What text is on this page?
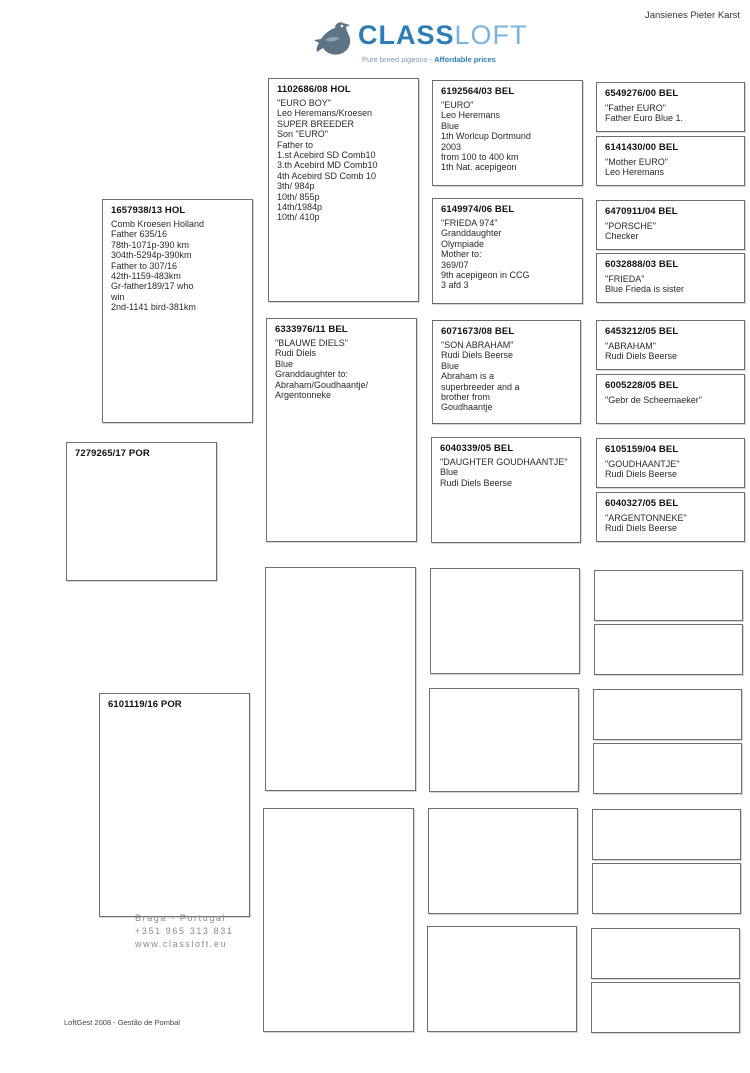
Jansienes Pieter Karst
CLASSLOFT
Pure breed pigeons - Affordable prices
7279265/17 POR
1657938/13 HOL
Comb Kroesen Holland
Father 635/16
78th-1071p-390 km
304th-5294p-390km
Father to 307/16
42th-1159-483km
Gr-father189/17 who
win
2nd-1141 bird-381km
6101119/16 POR
1102686/08 HOL
"EURO BOY"
Leo Heremans/Kroesen
SUPER BREEDER
Son "EURO"
Father to
1.st Acebird SD Comb10
3.th Acebird MD Comb10
4th Acebird SD Comb 10
3th/ 984p
10th/ 855p
14th/1984p
10th/ 410p
6333976/11 BEL
"BLAUWE DIELS"
Rudi Diels
Blue
Granddaughter to:
Abraham/Goudhaantje/
Argentonneke
6192564/03 BEL
"EURO"
Leo Heremans
Blue
1th Worlcup Dortmund
2003
from 100 to 400 km
1th Nat. acepigeon
6149974/06 BEL
"FRIEDA 974"
Granddaughter
Olympiade
Mother to:
369/07
9th acepigeon in CCG
3 afd 3
6071673/08 BEL
"SON ABRAHAM"
Rudi Diels Beerse
Blue
Abraham is a
superbreeder and a
brother from
Goudhaantje
6040339/05 BEL
"DAUGHTER GOUDHAANTJE"
Blue
Rudi Diels Beerse
6549276/00 BEL
"Father EURO"
Father Euro Blue 1.
6141430/00 BEL
"Mother EURO"
Leo Heremans
6470911/04 BEL
"PORSCHE"
Checker
6032888/03 BEL
"FRIEDA"
Blue Frieda is sister
6453212/05 BEL
"ABRAHAM"
Rudi Diels Beerse
6005228/05 BEL
"Gebr de Scheemaeker"
6105159/04 BEL
"GOUDHAANTJE"
Rudi Diels Beerse
6040327/05 BEL
"ARGENTONNEKE"
Rudi Diels Beerse
Braga - Portugal
+351 965 313 831
www.classloft.eu
LoftGest 2008 - Gestão de Pombal
